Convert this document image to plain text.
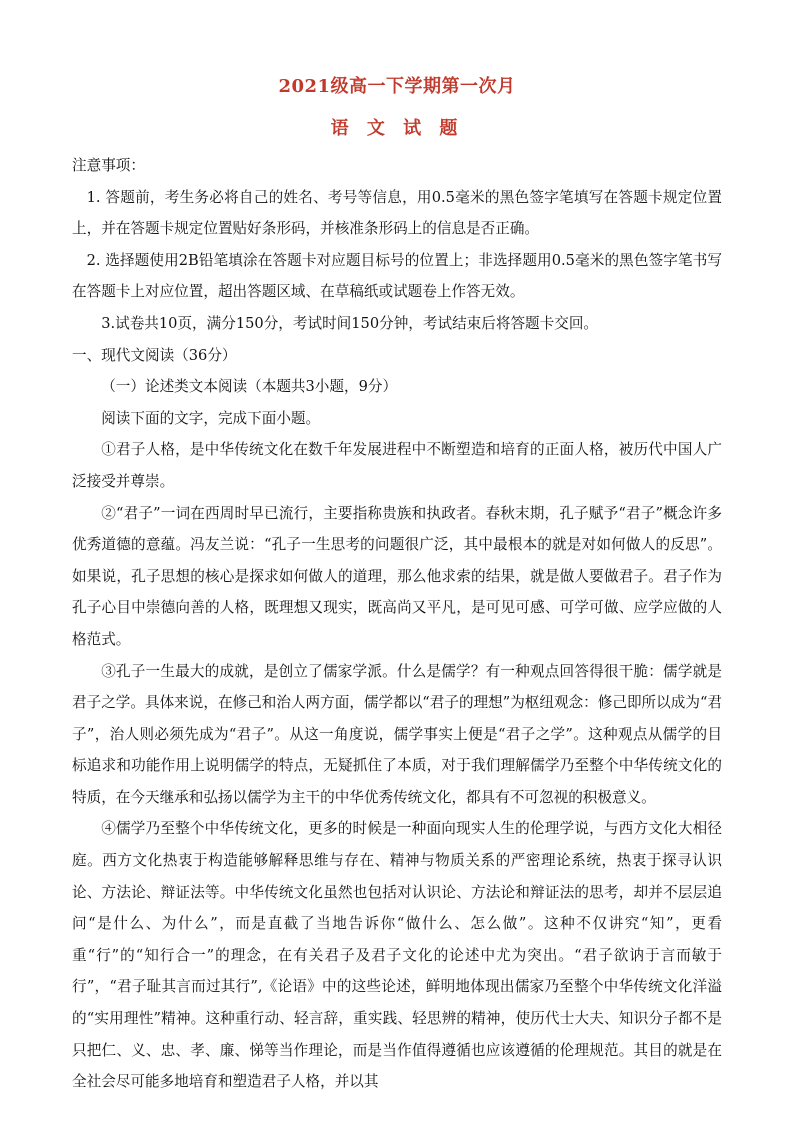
2021级高一下学期第一次月
语 文 试 题

注意事项：

1. 答题前，考生务必将自己的姓名、考号等信息，用0.5毫米的黑色签字笔填写在答题卡规定位置上，并在答题卡规定位置贴好条形码，并核准条形码上的信息是否正确。

2. 选择题使用2B铅笔填涂在答题卡对应题目标号的位置上；非选择题用0.5毫米的黑色签字笔书写在答题卡上对应位置，超出答题区域、在草稿纸或试题卷上作答无效。

3.试卷共10页，满分150分，考试时间150分钟，考试结束后将答题卡交回。

一、现代文阅读（36分）

（一）论述类文本阅读（本题共3小题，9分）

阅读下面的文字，完成下面小题。

①君子人格，是中华传统文化在数千年发展进程中不断塑造和培育的正面人格，被历代中国人广泛接受并尊崇。

②“君子”一词在西周时早已流行，主要指称贵族和执政者。春秋末期，孔子赋予“君子”概念许多优秀道德的意蕴。冯友兰说：“孔子一生思考的问题很广泛，其中最根本的就是对如何做人的反思”。如果说，孔子思想的核心是探求如何做人的道理，那么他求索的结果，就是做人要做君子。君子作为孔子心目中崇德向善的人格，既理想又现实，既高尚又平凡，是可见可感、可学可做、应学应做的人格范式。

③孔子一生最大的成就，是创立了儒家学派。什么是儒学？有一种观点回答得很干脆：儒学就是君子之学。具体来说，在修己和治人两方面，儒学都以“君子的理想”为枢纽观念：修己即所以成为“君子”，治人则必须先成为“君子”。从这一角度说，儒学事实上便是“君子之学”。这种观点从儒学的目标追求和功能作用上说明儒学的特点，无疑抓住了本质，对于我们理解儒学乃至整个中华传统文化的特质，在今天继承和弘扬以儒学为主干的中华优秀传统文化，都具有不可忽视的积极意义。

④儒学乃至整个中华传统文化，更多的时候是一种面向现实人生的伦理学说，与西方文化大相径庭。西方文化热衷于构造能够解释思维与存在、精神与物质关系的严密理论系统，热衷于探寻认识论、方法论、辩证法等。中华传统文化虽然也包括对认识论、方法论和辩证法的思考，却并不层层追问“是什么、为什么”，而是直截了当地告诉你“做什么、怎么做”。这种不仅讲究“知”，更看重“行”的“知行合一”的理念，在有关君子及君子文化的论述中尤为突出。“君子欲讷于言而敏于行”，“君子耻其言而过其行”,《论语》中的这些论述，鲜明地体现出儒家乃至整个中华传统文化洋溢的“实用理性”精神。这种重行动、轻言辞，重实践、轻思辨的精神，使历代士大夫、知识分子都不是只把仁、义、忠、孝、廉、悌等当作理论，而是当作值得遵循也应该遵循的伦理规范。其目的就是在全社会尽可能多地培育和塑造君子人格，并以其
